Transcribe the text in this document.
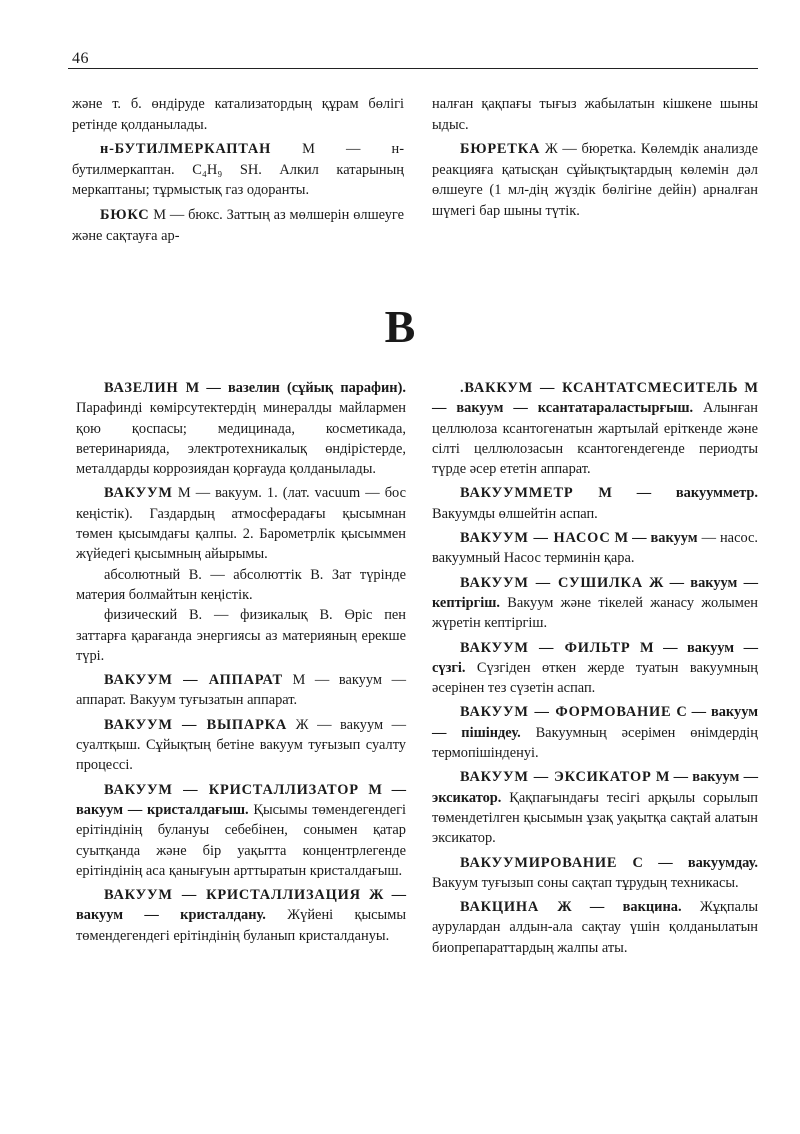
46

және т. б. өндіруде катализатордың құрам бөлігі ретінде қолданылады.

н-БУТИЛМЕРКАПТАН М — н-бутилмеркаптан. С₄Н₉ SH. Алкил катарының меркаптаны; тұрмыстық газ одоранты.

БЮКС М — бюкс. Заттың аз мөлшерін өлшеуге және сақтауға ар-

налған қақпағы тығыз жабылатын кішкене шыны ыдыс.

БЮРЕТКА Ж — бюретка. Көлемдік анализде реакцияға қатысқан сұйықтықтардың көлемін дәл өлшеуге (1 мл-дің жүздік бөлігіне дейін) арналған шүмегі бар шыны түтік.

В

ВАЗЕЛИН М — вазелин (сұйық парафин). Парафинді көмірсутектердің минералды майлармен қою қоспасы; медицинада, косметикада, ветеринарияда, электротехникалық өндірістерде, металдарды коррозиядан қорғауда қолданылады.

ВАКУУМ М — вакуум. 1. (лат. vacuum — бос кеңістік). Газдардың атмосферадағы қысымнан төмен қысымдағы қалпы. 2. Барометрлік қысыммен жүйедегі қысымның айырымы.

абсолютный В. — абсолюттік В. Зат түрінде материя болмайтын кеңістік.

физический В. — физикалық В. Өріс пен заттарға қарағанда энергиясы аз материяның ерекше түрі.

ВАКУУМ — АППАРАТ М — вакуум — аппарат. Вакуум туғызатын аппарат.

ВАКУУМ — ВЫПАРКА Ж — вакуум — суалтқыш. Сұйықтың бетіне вакуум туғызып суалту процессі.

ВАКУУМ — КРИСТАЛЛИЗАТОР М — вакуум — кристалдағыш. Қысымы төмендегендегі ерітіндінің булануы себебінен, сонымен қатар суытқанда және бір уақытта концентрлегенде ерітіндінің аса қанығуын арттыратын кристалдағыш.

ВАКУУМ — КРИСТАЛЛИЗАЦИЯ Ж — вакуум — кристалдану. Жүйені қысымы төмендегендегі ерітіндінің буланып кристалдануы.

.ВАККУМ — КСАНТАТСМЕСИТЕЛЬ М — вакуум — ксантатараластырғыш. Алынған целлюлоза ксантогенатын жартылай еріткенде және сілті целлюлозасын ксантогендегенде периодты түрде әсер ететін аппарат.

ВАКУУММЕТР М — вакуумметр. Вакуумды өлшейтін аспап.

ВАКУУМ — НАСОС М — вакуум — насос. вакуумный Насос терминін қара.

ВАКУУМ — СУШИЛКА Ж — вакуум — кептіргіш. Вакуум және тікелей жанасу жолымен жүретін кептіргіш.

ВАКУУМ — ФИЛЬТР М — вакуум — сүзгі. Сүзгіден өткен жерде туатын вакуумның әсерінен тез сүзетін аспап.

ВАКУУМ — ФОРМОВАНИЕ С — вакуум — пішіндеу. Вакуумның әсерімен өнімдердің термопішінденуі.

ВАКУУМ — ЭКСИКАТОР М — вакуум — эксикатор. Қақпағындағы тесігі арқылы сорылып төмендетілген қысымын ұзақ уақытқа сақтай алатын эксикатор.

ВАКУУМИРОВАНИЕ С — вакуумдау. Вакуум туғызып соны сақтап тұрудың техникасы.

ВАКЦИНА Ж — вакцина. Жұқпалы аурулардан алдын-ала сақтау үшін қолданылатын биопрепараттардың жалпы аты.
